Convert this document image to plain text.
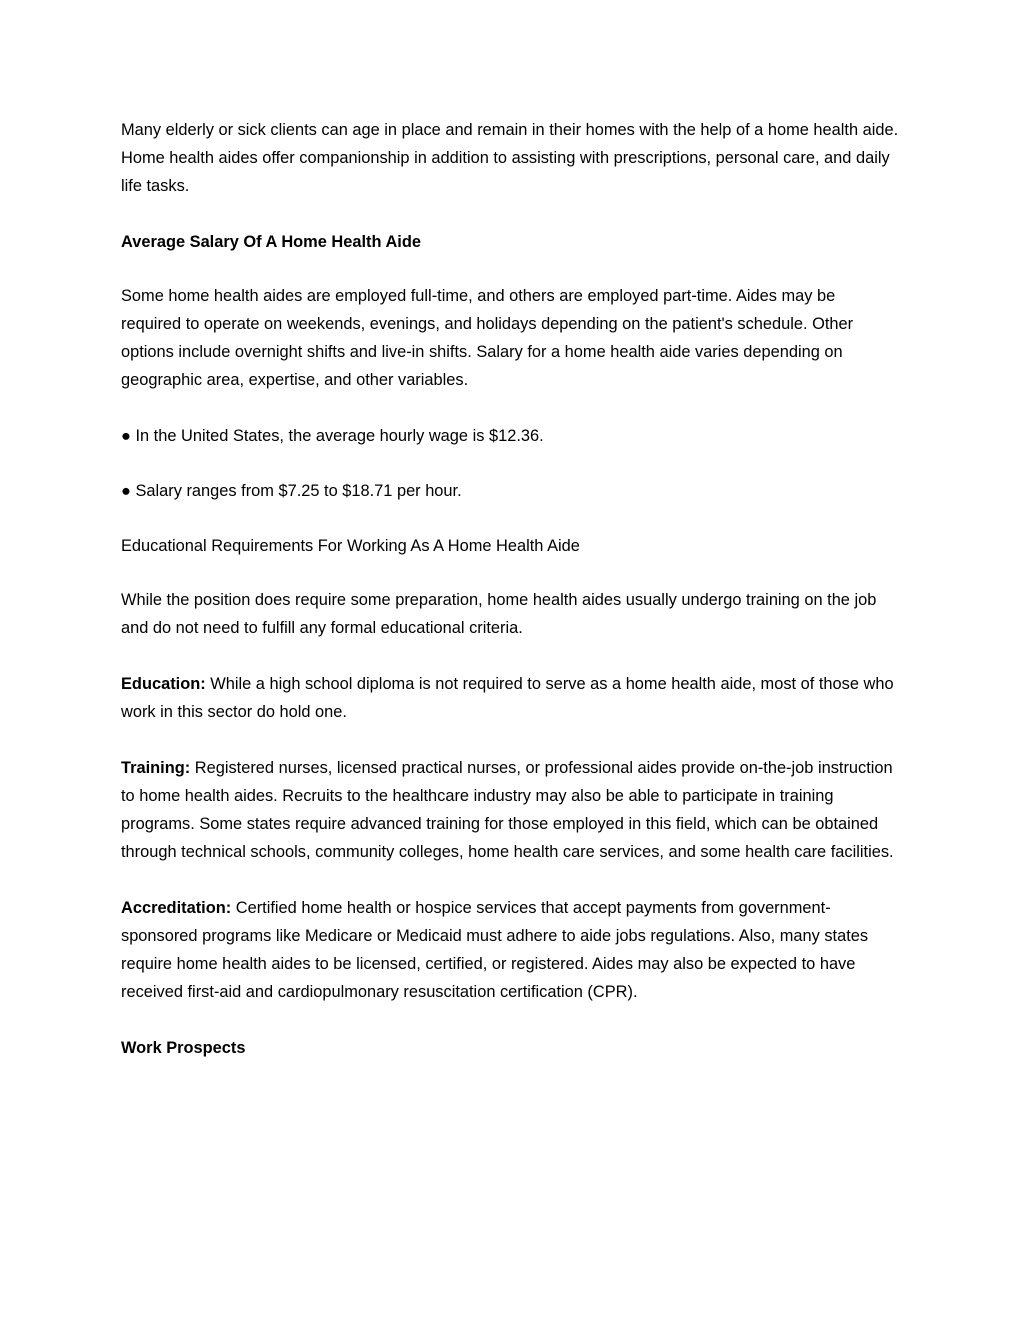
Many elderly or sick clients can age in place and remain in their homes with the help of a home health aide. Home health aides offer companionship in addition to assisting with prescriptions, personal care, and daily life tasks.

Average Salary Of A Home Health Aide

Some home health aides are employed full-time, and others are employed part-time. Aides may be required to operate on weekends, evenings, and holidays depending on the patient's schedule. Other options include overnight shifts and live-in shifts. Salary for a home health aide varies depending on geographic area, expertise, and other variables.

● In the United States, the average hourly wage is $12.36.

● Salary ranges from $7.25 to $18.71 per hour.

Educational Requirements For Working As A Home Health Aide

While the position does require some preparation, home health aides usually undergo training on the job and do not need to fulfill any formal educational criteria.

Education: While a high school diploma is not required to serve as a home health aide, most of those who work in this sector do hold one.

Training: Registered nurses, licensed practical nurses, or professional aides provide on-the-job instruction to home health aides. Recruits to the healthcare industry may also be able to participate in training programs. Some states require advanced training for those employed in this field, which can be obtained through technical schools, community colleges, home health care services, and some health care facilities.

Accreditation: Certified home health or hospice services that accept payments from government-sponsored programs like Medicare or Medicaid must adhere to aide jobs regulations. Also, many states require home health aides to be licensed, certified, or registered. Aides may also be expected to have received first-aid and cardiopulmonary resuscitation certification (CPR).

Work Prospects
